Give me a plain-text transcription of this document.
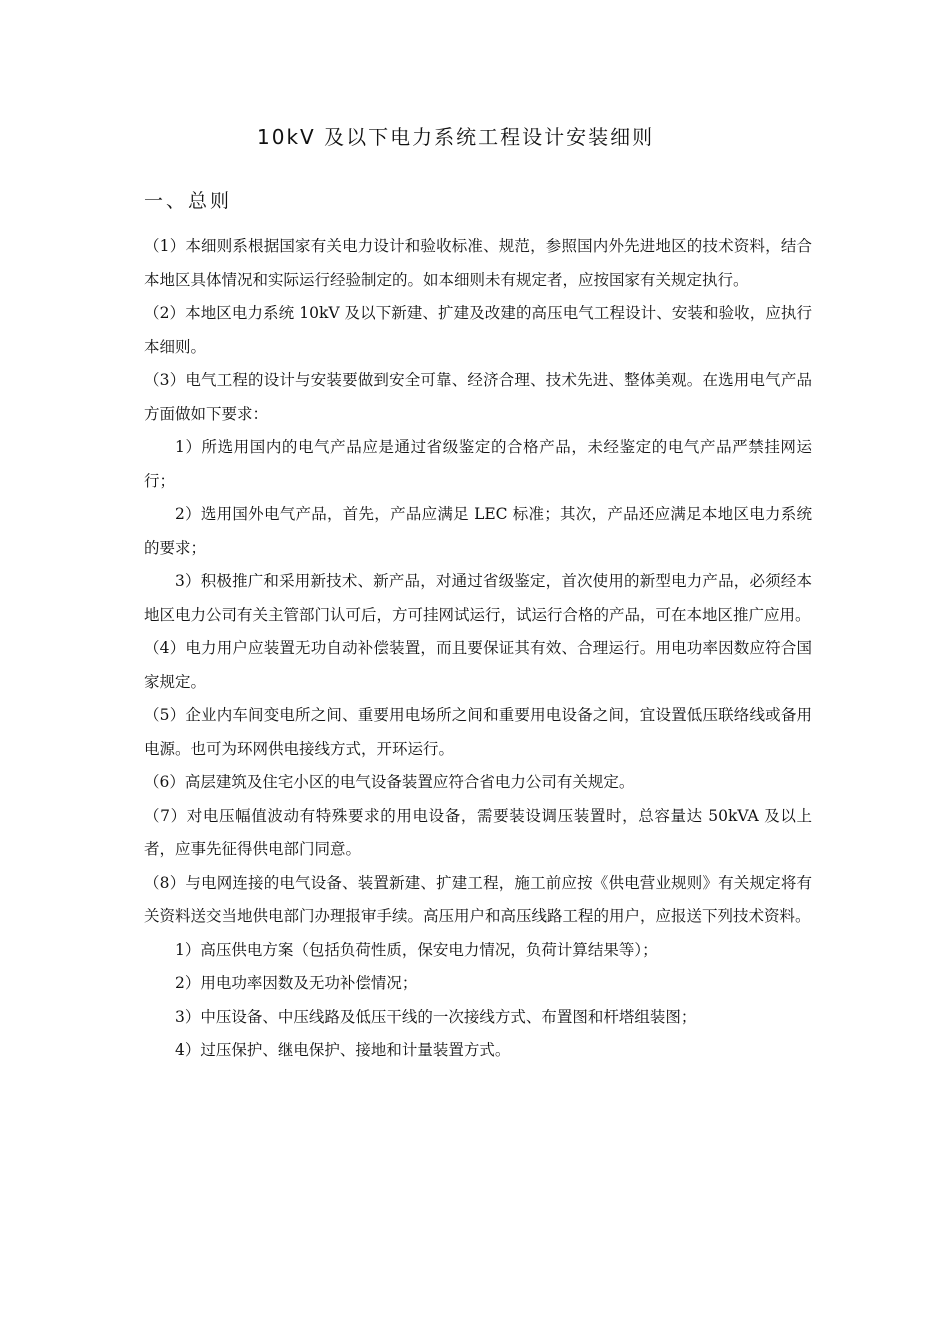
10kV 及以下电力系统工程设计安装细则
一、总则

（1）本细则系根据国家有关电力设计和验收标准、规范，参照国内外先进地区的技术资料，结合本地区具体情况和实际运行经验制定的。如本细则未有规定者，应按国家有关规定执行。

（2）本地区电力系统 10kV 及以下新建、扩建及改建的高压电气工程设计、安装和验收，应执行本细则。

（3）电气工程的设计与安装要做到安全可靠、经济合理、技术先进、整体美观。在选用电气产品方面做如下要求：

1）所选用国内的电气产品应是通过省级鉴定的合格产品，未经鉴定的电气产品严禁挂网运行；

2）选用国外电气产品，首先，产品应满足 LEC 标准；其次，产品还应满足本地区电力系统的要求；

3）积极推广和采用新技术、新产品，对通过省级鉴定，首次使用的新型电力产品，必须经本地区电力公司有关主管部门认可后，方可挂网试运行，试运行合格的产品，可在本地区推广应用。

（4）电力用户应装置无功自动补偿装置，而且要保证其有效、合理运行。用电功率因数应符合国家规定。

（5）企业内车间变电所之间、重要用电场所之间和重要用电设备之间，宜设置低压联络线或备用电源。也可为环网供电接线方式，开环运行。

（6）高层建筑及住宅小区的电气设备装置应符合省电力公司有关规定。

（7）对电压幅值波动有特殊要求的用电设备，需要装设调压装置时，总容量达 50kVA 及以上者，应事先征得供电部门同意。

（8）与电网连接的电气设备、装置新建、扩建工程，施工前应按《供电营业规则》有关规定将有关资料送交当地供电部门办理报审手续。高压用户和高压线路工程的用户，应报送下列技术资料。

1）高压供电方案（包括负荷性质，保安电力情况，负荷计算结果等）；

2）用电功率因数及无功补偿情况；

3）中压设备、中压线路及低压干线的一次接线方式、布置图和杆塔组装图；

4）过压保护、继电保护、接地和计量装置方式。
